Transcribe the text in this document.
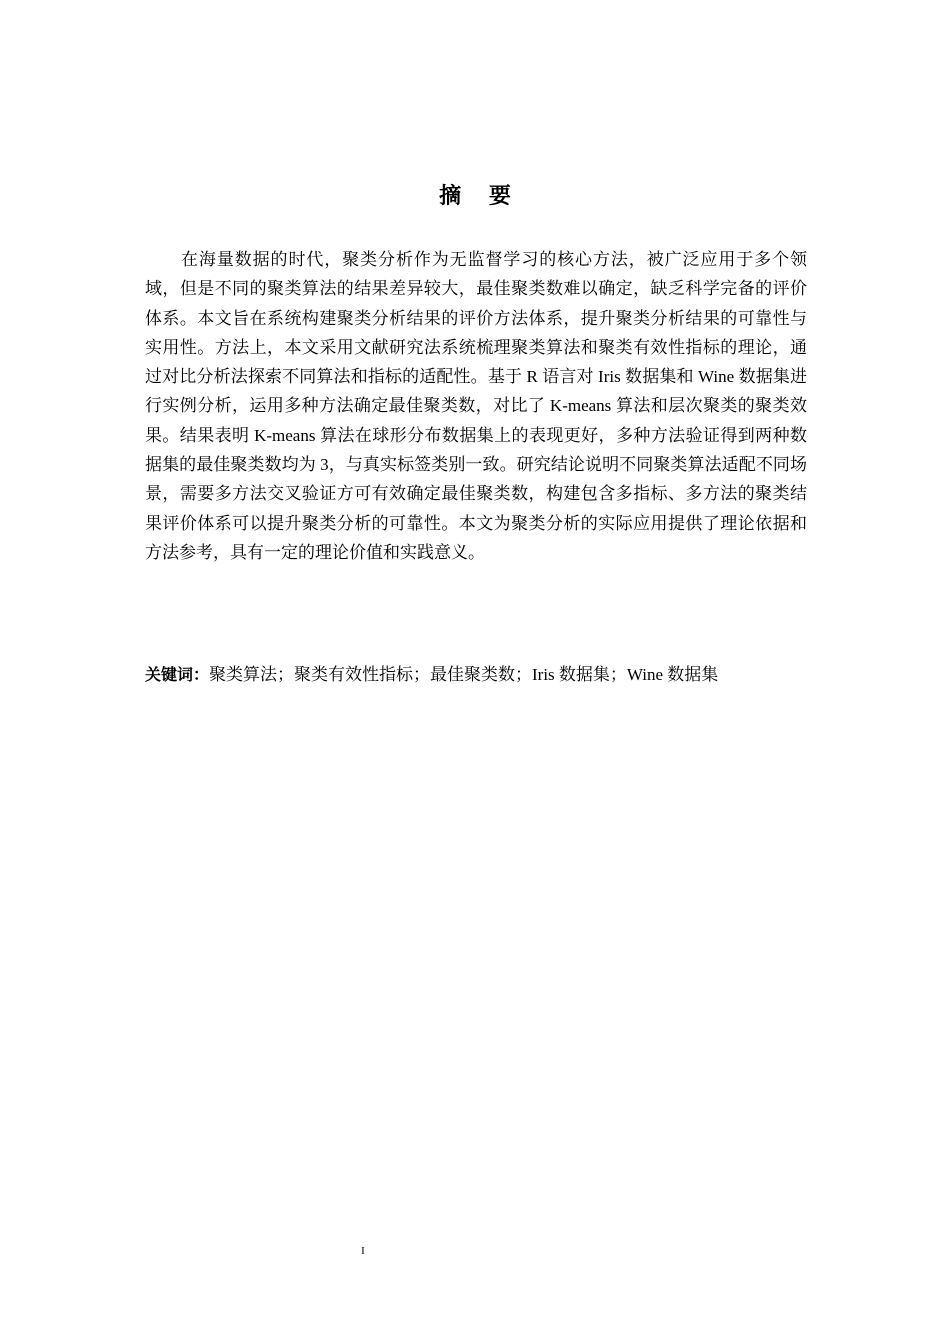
摘 要

在海量数据的时代，聚类分析作为无监督学习的核心方法，被广泛应用于多个领域，但是不同的聚类算法的结果差异较大，最佳聚类数难以确定，缺乏科学完备的评价体系。本文旨在系统构建聚类分析结果的评价方法体系，提升聚类分析结果的可靠性与实用性。方法上，本文采用文献研究法系统梳理聚类算法和聚类有效性指标的理论，通过对比分析法探索不同算法和指标的适配性。基于 R 语言对 Iris 数据集和 Wine 数据集进行实例分析，运用多种方法确定最佳聚类数，对比了 K-means 算法和层次聚类的聚类效果。结果表明 K-means 算法在球形分布数据集上的表现更好，多种方法验证得到两种数据集的最佳聚类数均为 3，与真实标签类别一致。研究结论说明不同聚类算法适配不同场景，需要多方法交叉验证方可有效确定最佳聚类数，构建包含多指标、多方法的聚类结果评价体系可以提升聚类分析的可靠性。本文为聚类分析的实际应用提供了理论依据和方法参考，具有一定的理论价值和实践意义。

关键词：聚类算法；聚类有效性指标；最佳聚类数；Iris 数据集；Wine 数据集
I
